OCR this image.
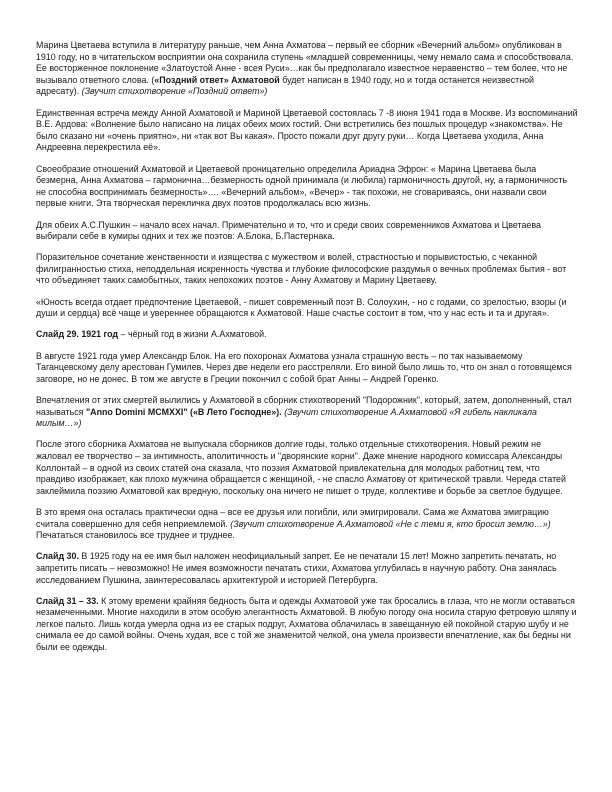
Марина Цветаева вступила в литературу раньше, чем Анна Ахматова – первый ее сборник «Вечерний альбом» опубликован в 1910 году, но в читательском восприятии она сохранила ступень «младшей современницы, чему немало сама и способствовала. Ее восторженное поклонение «Златоустой Анне - всея Руси»…как бы предполагало известное неравенство – тем более, что не вызывало ответного слова. («Поздний ответ» Ахматовой будет написан в 1940 году, но и тогда останется неизвестной адресату). (Звучит стихотворение «Поздний ответ»)

Единственная встреча между Анной Ахматовой и Мариной Цветаевой состоялась 7 -8 июня 1941 года в Москве. Из воспоминаний В.Е. Ардова: «Волнение было написано на лицах обеих моих гостий. Они встретились без пошлых процедур «знакомства». Не было сказано ни «очень приятно», ни «так вот Вы какая». Просто пожали друг другу руки… Когда Цветаева уходила, Анна Андреевна перекрестила её».

Своеобразие отношений Ахматовой и Цветаевой проницательно определила Ариадна Эфрон: « Марина Цветаева была безмерна, Анна Ахматова – гармонична…безмерность одной принимала (и любила) гармоничность другой, ну, а гармоничность не способна воспринимать безмерность»…. «Вечерний альбом», «Вечер» - так похожи, не сговариваясь, они назвали свои первые книги. Эта творческая перекличка двух поэтов продолжалась всю жизнь.

Для обеих А.С.Пушкин – начало всех начал. Примечательно и то, что и среди своих современников Ахматова и Цветаева выбирали себе в кумиры одних и тех же поэтов: А.Блока, Б.Пастернака.

Поразительное сочетание женственности и изящества с мужеством и волей, страстностью и порывистостью, с чеканной филигранностью стиха, неподдельная искренность чувства и глубокие философские раздумья о вечных проблемах бытия - вот что объединяет таких самобытных, таких непохожих поэтов - Анну Ахматову и Марину Цветаеву.

«Юность всегда отдает предпочтение Цветаевой, - пишет современный поэт В. Солоухин, - но с годами, со зрелостью, взоры (и души и сердца) всё чаще и увереннее обращаются к Ахматовой. Наше счастье состоит в том, что у нас есть и та и другая».

Слайд 29. 1921 год – чёрный год в жизни А.Ахматовой.

В августе 1921 года умер Александр Блок. На его похоронах Ахматова узнала страшную весть – по так называемому Таганцевскому делу арестован Гумилев. Через две недели его расстреляли. Его виной было лишь то, что он знал о готовящемся заговоре, но не донес. В том же августе в Греции покончил с собой брат Анны – Андрей Горенко.

Впечатления от этих смертей вылились у Ахматовой в сборник стихотворений "Подорожник", который, затем, дополненный, стал называться "Anno Domini MCMXXI" («В Лето Господне»). (Звучит стихотворение А.Ахматовой «Я гибель накликала милым…»)

После этого сборника Ахматова не выпускала сборников долгие годы, только отдельные стихотворения. Новый режим не жаловал ее творчество – за интимность, аполитичность и "дворянские корни". Даже мнение народного комиссара Александры Коллонтай – в одной из своих статей она сказала, что поэзия Ахматовой привлекательна для молодых работниц тем, что правдиво изображает, как плохо мужчина обращается с женщиной, - не спасло Ахматову от критической травли. Череда статей заклеймила поэзию Ахматовой как вредную, поскольку она ничего не пишет о труде, коллективе и борьбе за светлое будущее.

В это время она осталась практически одна – все ее друзья или погибли, или эмигрировали. Сама же Ахматова эмиграцию считала совершенно для себя неприемлемой. (Звучит стихотворение А.Ахматовой «Не с теми я, кто бросил землю…») Печататься становилось все труднее и труднее.

Слайд 30. В 1925 году на ее имя был наложен неофициальный запрет. Ее не печатали 15 лет! Можно запретить печатать, но запретить писать – невозможно! Не имея возможности печатать стихи, Ахматова углубилась в научную работу. Она занялась исследованием Пушкина, заинтересовалась архитектурой и историей Петербурга.

Слайд 31 – 33. К этому времени крайняя бедность быта и одежды Ахматовой уже так бросались в глаза, что не могли оставаться незамеченными. Многие находили в этом особую элегантность Ахматовой. В любую погоду она носила старую фетровую шляпу и легкое пальто. Лишь когда умерла одна из ее старых подруг, Ахматова облачилась в завещанную ей покойной старую шубу и не снимала ее до самой войны. Очень худая, все с той же знаменитой челкой, она умела произвести впечатление, как бы бедны ни были ее одежды.
